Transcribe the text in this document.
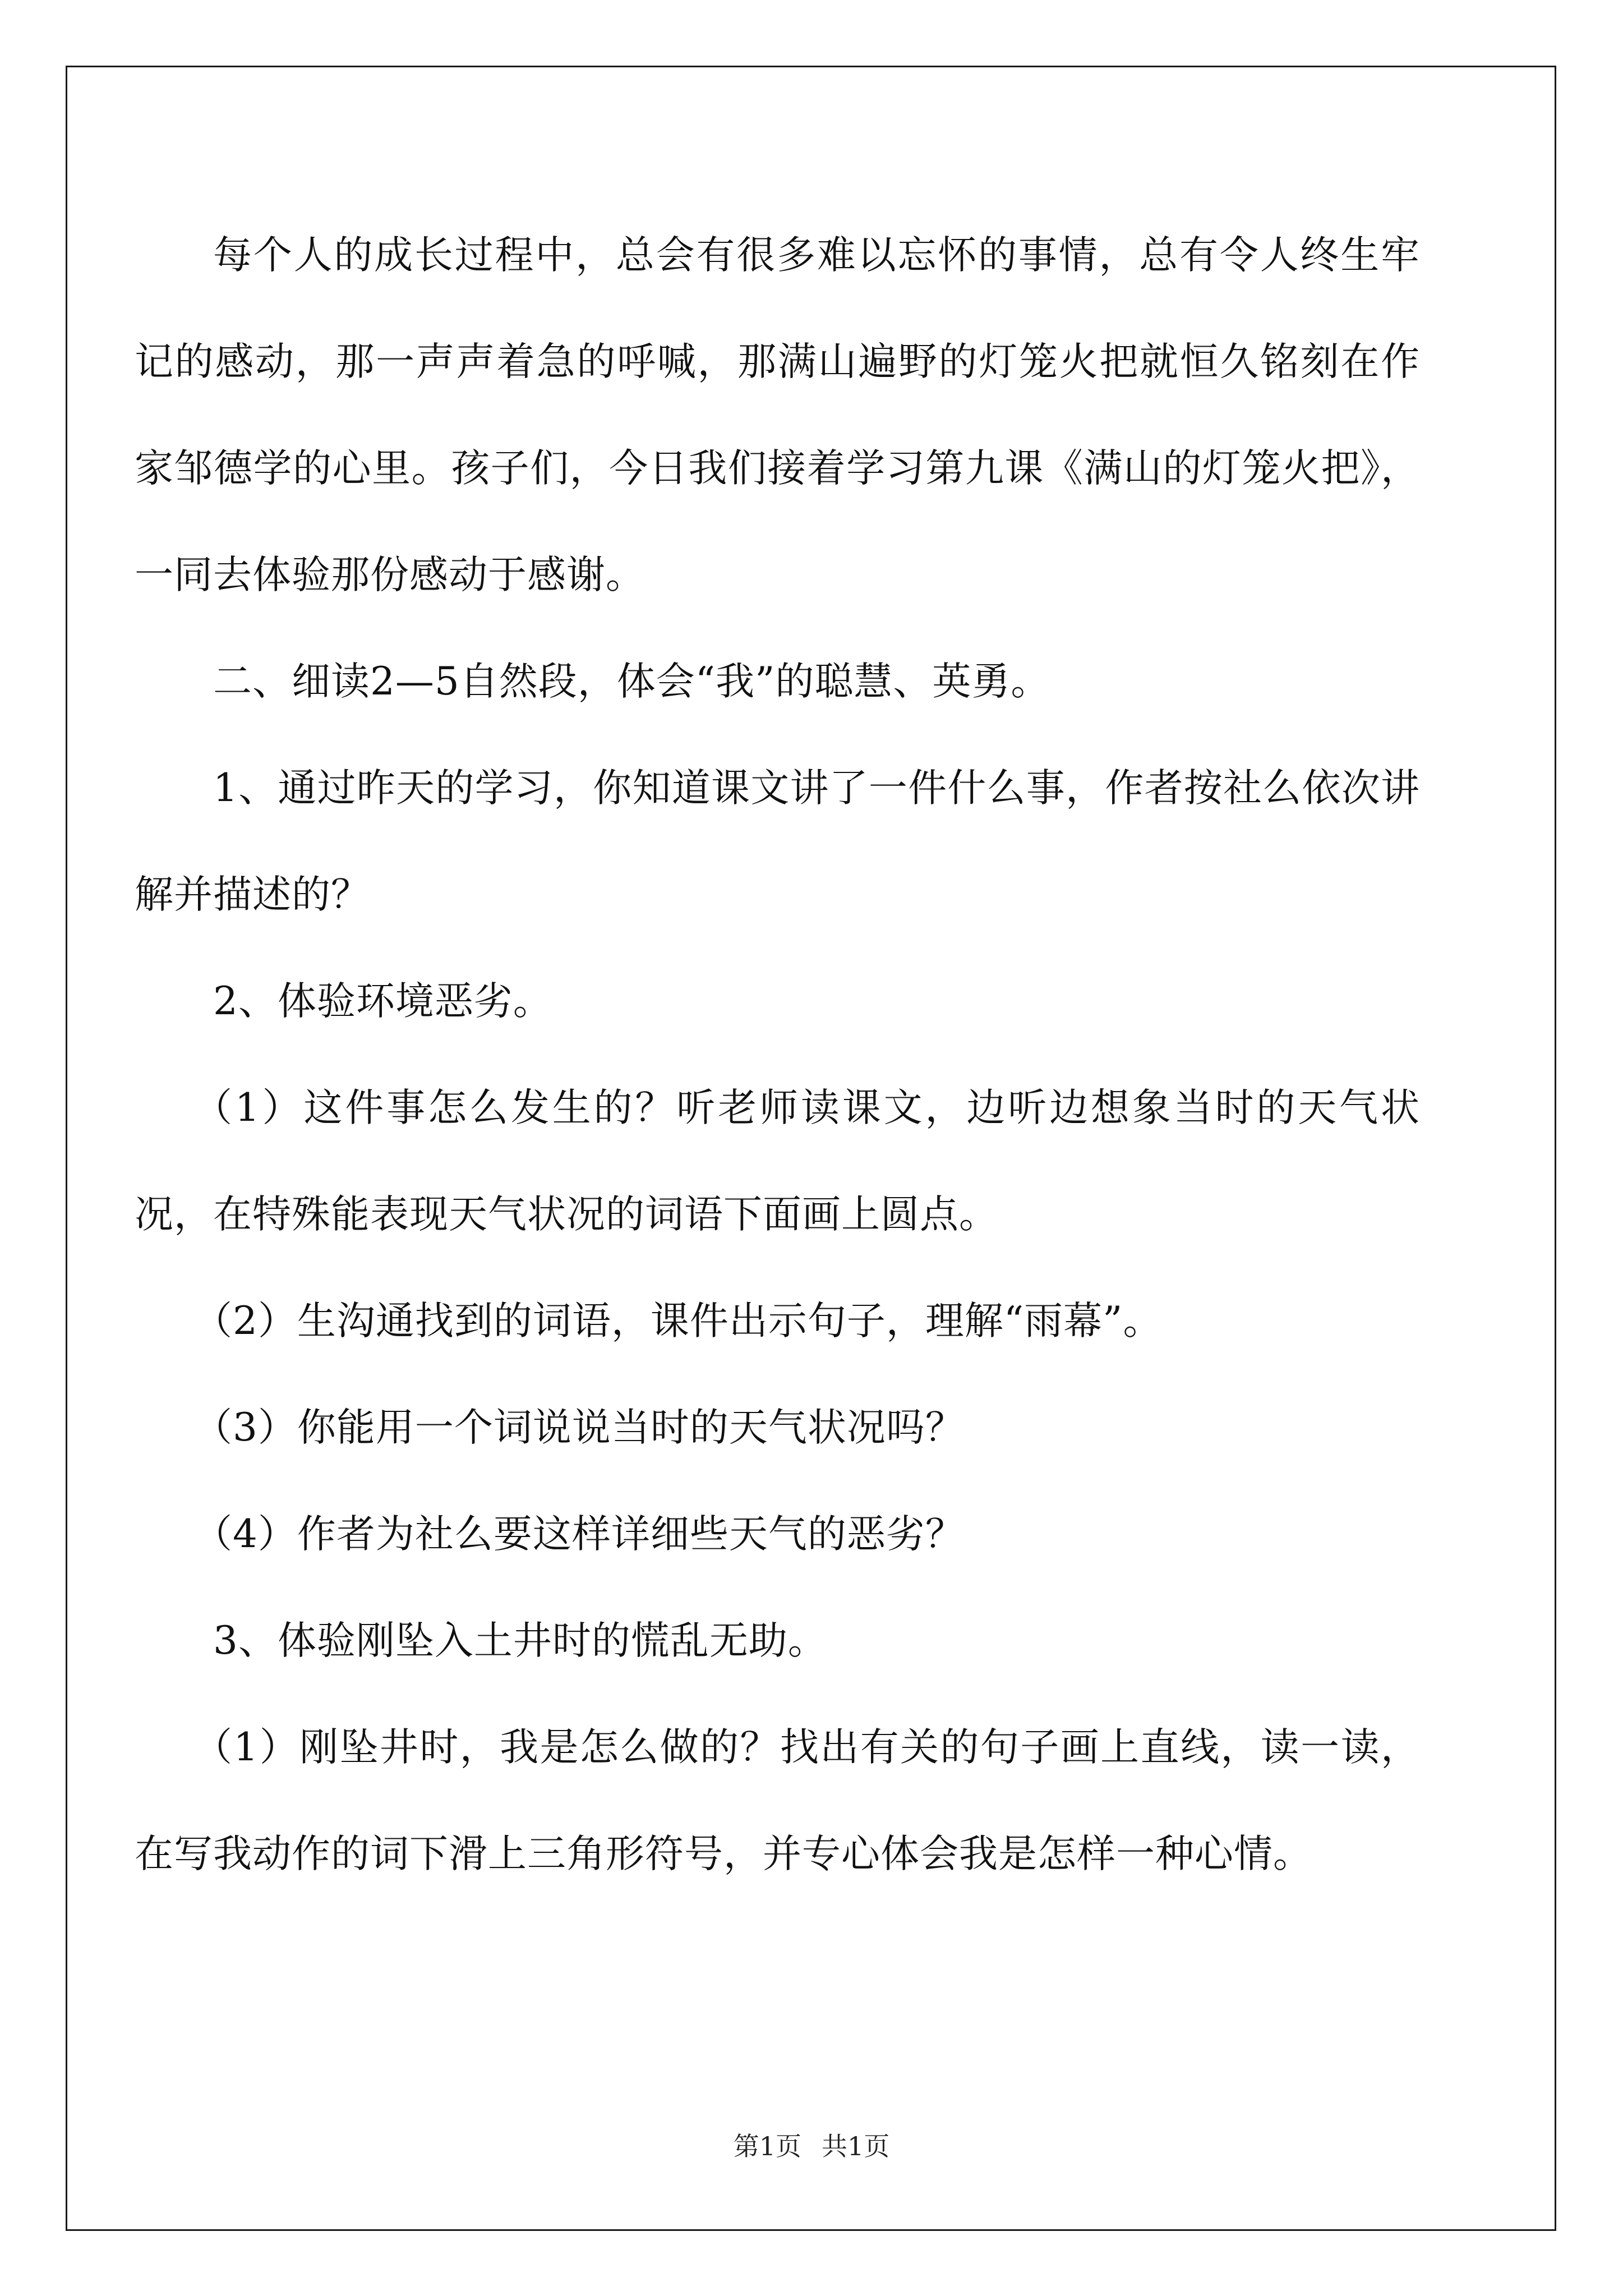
每个人的成长过程中，总会有很多难以忘怀的事情，总有令人终生牢记的感动，那一声声着急的呼喊，那满山遍野的灯笼火把就恒久铭刻在作家邹德学的心里。孩子们，今日我们接着学习第九课《满山的灯笼火把》，一同去体验那份感动于感谢。

二、细读2—5自然段，体会“我”的聪慧、英勇。

1、通过昨天的学习，你知道课文讲了一件什么事，作者按社么依次讲解并描述的？

2、体验环境恶劣。

（1）这件事怎么发生的？听老师读课文，边听边想象当时的天气状况，在特殊能表现天气状况的词语下面画上圆点。

（2）生沟通找到的词语，课件出示句子，理解“雨幕”。

（3）你能用一个词说说当时的天气状况吗？

（4）作者为社么要这样详细些天气的恶劣？

3、体验刚坠入土井时的慌乱无助。

（1）刚坠井时，我是怎么做的？找出有关的句子画上直线，读一读，在写我动作的词下滑上三角形符号，并专心体会我是怎样一种心情。

第1页 共1页
